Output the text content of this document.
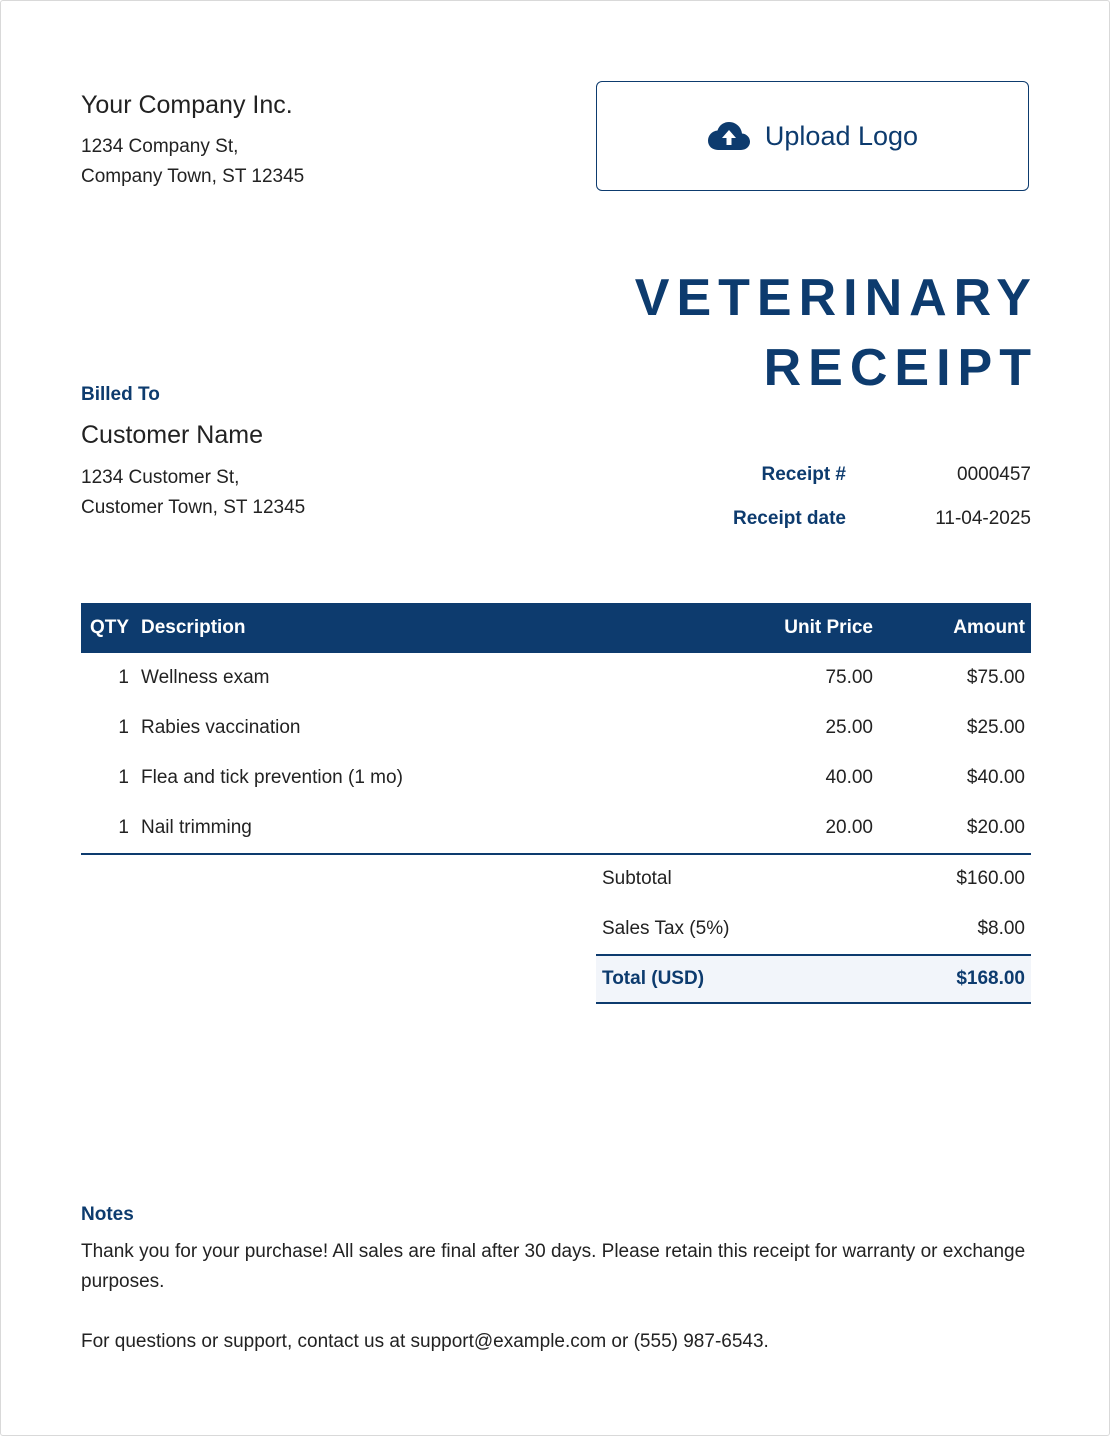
Your Company Inc.
1234 Company St,
Company Town, ST 12345
Upload Logo
VETERINARY
RECEIPT
Billed To
Customer Name
1234 Customer St,
Customer Town, ST 12345
Receipt #	0000457
Receipt date	11-04-2025
QTY	Description	Unit Price	Amount
1	Wellness exam	75.00	$75.00
1	Rabies vaccination	25.00	$25.00
1	Flea and tick prevention (1 mo)	40.00	$40.00
1	Nail trimming	20.00	$20.00
Subtotal	$160.00
Sales Tax (5%)	$8.00
Total (USD)	$168.00
Notes

Thank you for your purchase! All sales are final after 30 days. Please retain this receipt for warranty or exchange purposes.

For questions or support, contact us at support@example.com or (555) 987-6543.
